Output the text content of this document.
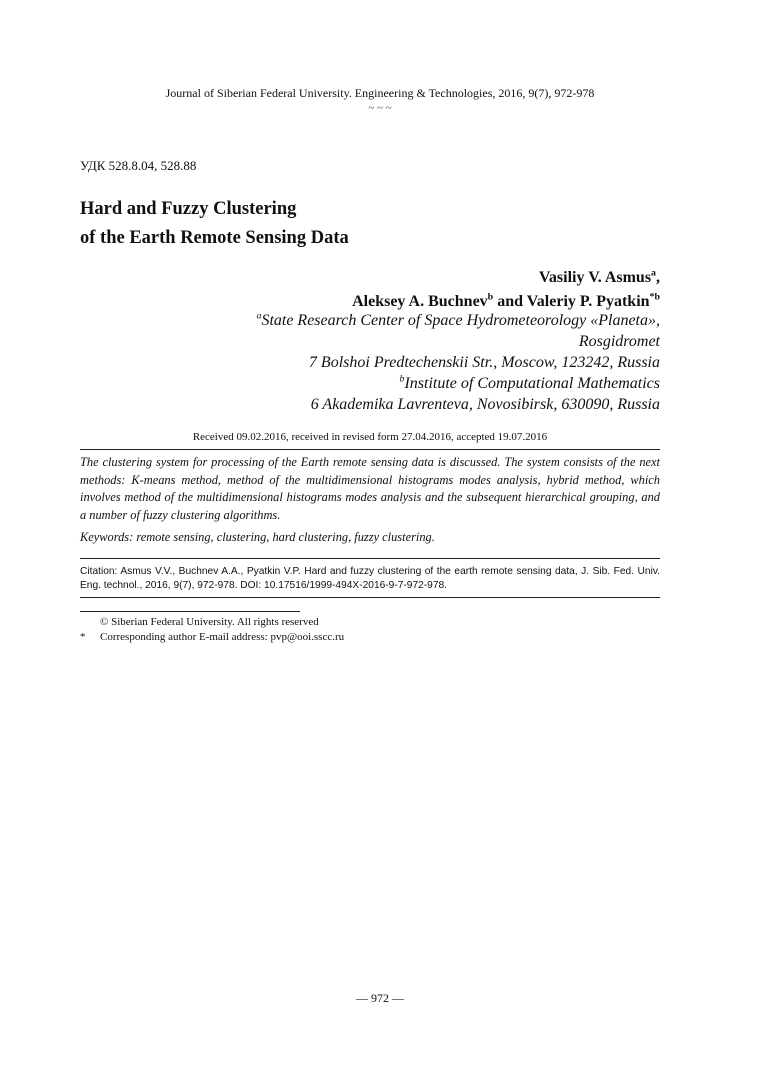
Journal of Siberian Federal University. Engineering & Technologies, 2016, 9(7), 972-978
~ ~ ~
УДК 528.8.04, 528.88
Hard and Fuzzy Clustering
of the Earth Remote Sensing Data
Vasiliy V. Asmus$^a$,
Aleksey A. Buchnev$^b$ and Valeriy P. Pyatkin$^{*b}$
$^a$State Research Center of Space Hydrometeorology «Planeta»,
Rosgidromet
7 Bolshoi Predtechenskii Str., Moscow, 123242, Russia
$^b$Institute of Computational Mathematics
6 Akademika Lavrenteva, Novosibirsk, 630090, Russia
Received 09.02.2016, received in revised form 27.04.2016, accepted 19.07.2016
The clustering system for processing of the Earth remote sensing data is discussed. The system consists of the next methods: K-means method, method of the multidimensional histograms modes analysis, hybrid method, which involves method of the multidimensional histograms modes analysis and the subsequent hierarchical grouping, and a number of fuzzy clustering algorithms.
Keywords: remote sensing, clustering, hard clustering, fuzzy clustering.
Citation: Asmus V.V., Buchnev A.A., Pyatkin V.P. Hard and fuzzy clustering of the earth remote sensing data, J. Sib. Fed. Univ. Eng. technol., 2016, 9(7), 972-978. DOI: 10.17516/1999-494X-2016-9-7-972-978.
© Siberian Federal University. All rights reserved
* Corresponding author E-mail address: pvp@ooi.sscc.ru
— 972 —
